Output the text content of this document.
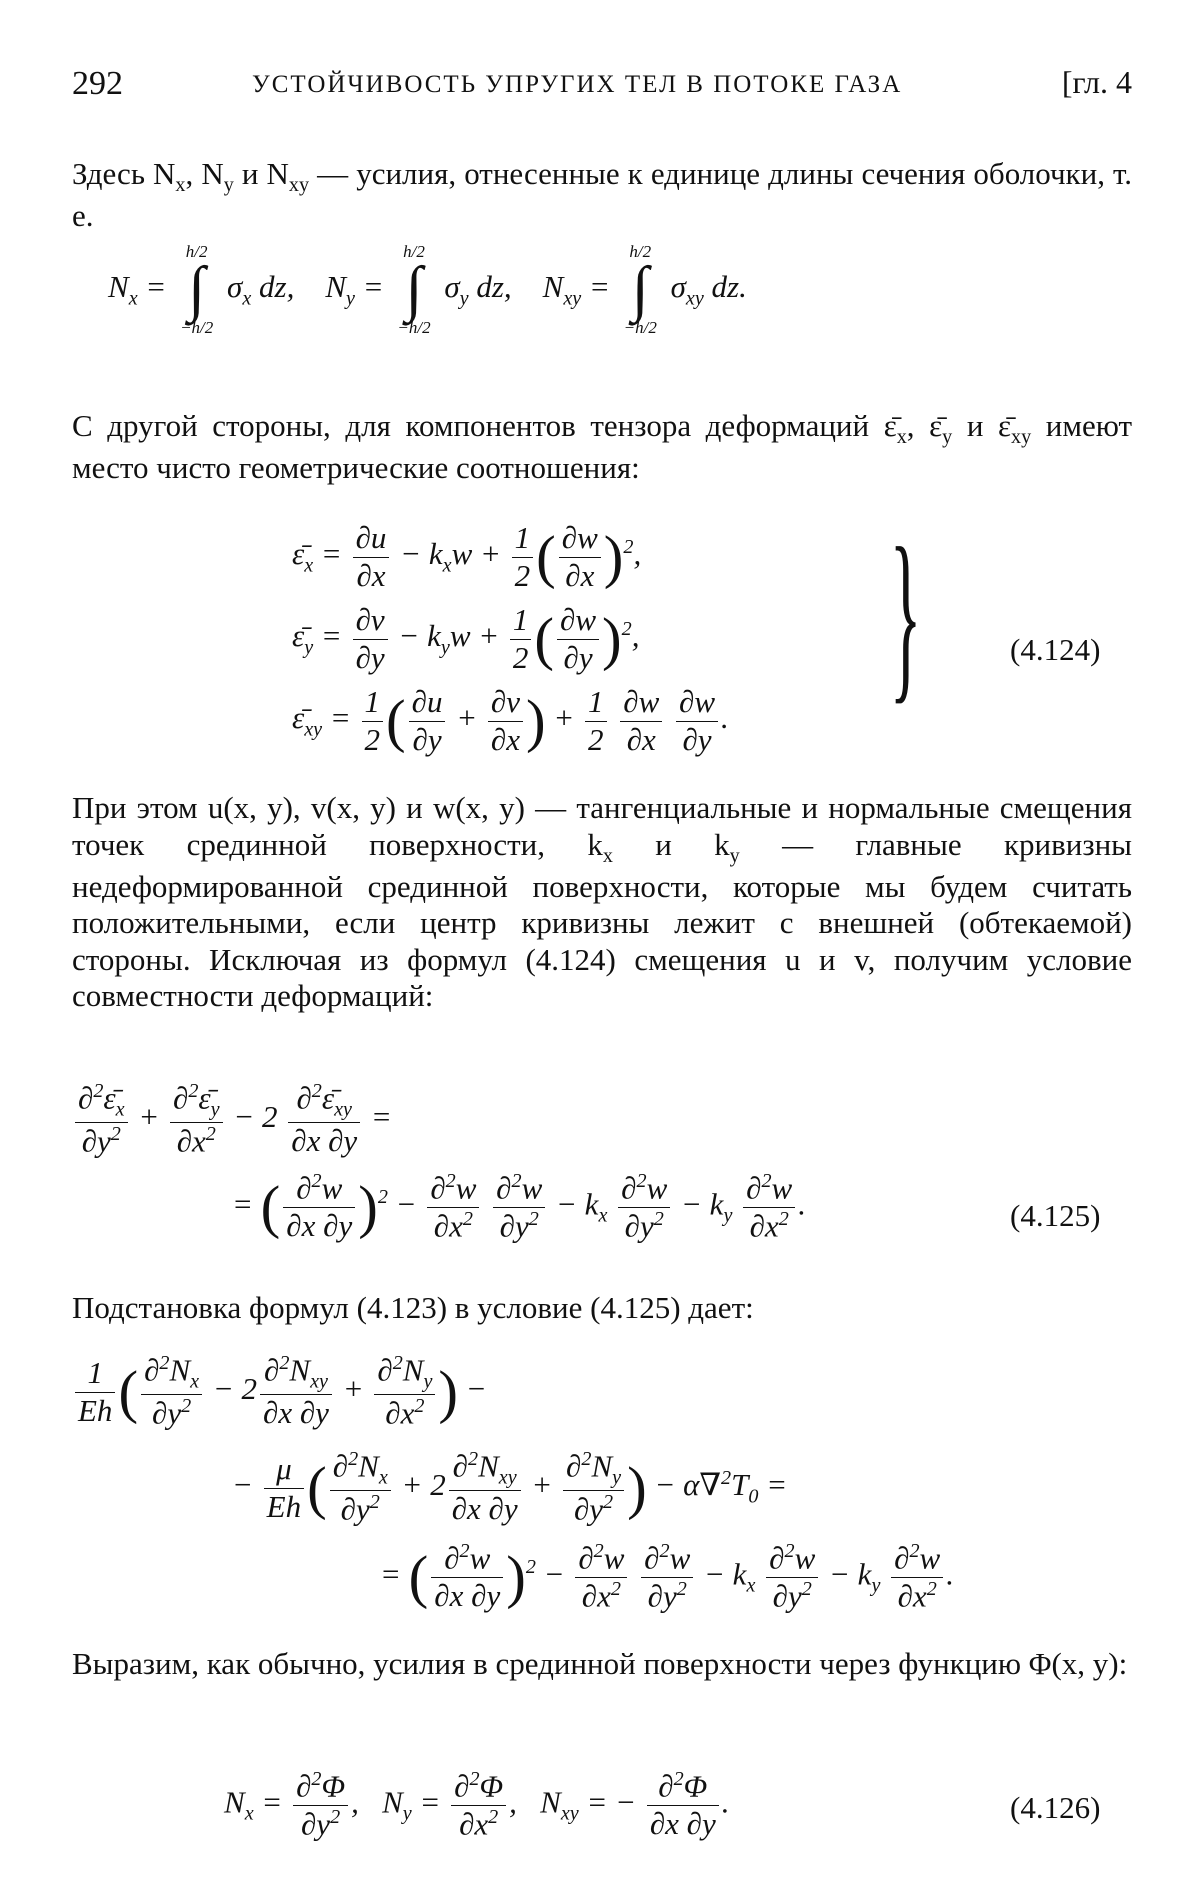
292	УСТОЙЧИВОСТЬ УПРУГИХ ТЕЛ В ПОТОКЕ ГАЗА	[гл. 4

Здесь $N_x$, $N_y$ и $N_{xy}$ — усилия, отнесенные к единице длины сечения оболочки, т. е.

$N_x$ =
h/2
∫
−h/2
$\sigma_x$ dz,    $N_y$ =
h/2
∫
−h/2
$\sigma_y$ dz,    $N_{xy}$ =
h/2
∫
−h/2
$\sigma_{xy}$ dz.

С другой стороны, для компонентов тензора деформаций $\varepsilon̄_x$, $\varepsilon̄_y$ и $\varepsilon̄_{xy}$ имеют место чисто геометрические соотношения:

$\varepsilon̄_x = \frac{\partial u}{\partial x} - k_xw + \frac{1}{2}$ ( $\frac{\partial w}{\partial x} )^2$,
$\varepsilon̄_y = \frac{\partial v}{\partial y} - k_yw + \frac{1}{2}$ ( $\frac{\partial w}{\partial y} )^2$,
$\varepsilon̄_{xy} = \frac{1}{2}$ ( $\frac{\partial u}{\partial y} + \frac{\partial v}{\partial x}$ ) + $\frac{1}{2}$
$\frac{\partial w}{\partial x}$
$\frac{\partial w}{\partial y}$ . }	(4.124)

При этом u(x, y), v(x, y) и w(x, y) — тангенциальные и нормальные смещения точек срединной поверхности, $k_x$ и $k_y$ — главные кривизны недеформированной срединной поверхности, которые мы будем считать положительными, если центр кривизны лежит с внешней (обтекаемой) стороны. Исключая из формул (4.124) смещения u и v, получим условие совместности деформаций:

$\frac{\partial^2\varepsilon̄_x}{\partial y^2} + \frac{\partial^2\varepsilon̄_y}{\partial x^2} - 2 \frac{\partial^2\varepsilon̄_{xy}}{\partial x \partial y}$ =
= ( $\frac{\partial^2w}{\partial x \partial y} )^2 - \frac{\partial^2w}{\partial x^2}$
$\frac{\partial^2w}{\partial y^2} - k_x \frac{\partial^2w}{\partial y^2} - k_y \frac{\partial^2w}{\partial x^2}$ .	(4.125)

Подстановка формул (4.123) в условие (4.125) дает:

$\frac{1}{Eh}$ ( $\frac{\partial^2N_x}{\partial y^2} - 2 \frac{\partial^2N_{xy}}{\partial x \partial y} + \frac{\partial^2N_y}{\partial x^2}$ ) −
− $\frac{\mu}{Eh}$ ( $\frac{\partial^2N_x}{\partial y^2} + 2 \frac{\partial^2N_{xy}}{\partial x \partial y} + \frac{\partial^2N_y}{\partial y^2}$ ) − $\alpha\nabla^2T_0$ =
= ( $\frac{\partial^2w}{\partial x \partial y} )^2 - \frac{\partial^2w}{\partial x^2}$
$\frac{\partial^2w}{\partial y^2} - k_x \frac{\partial^2w}{\partial y^2} - k_y \frac{\partial^2w}{\partial x^2}$ .

Выразим, как обычно, усилия в срединной поверхности через функцию Φ(x, y):

$N_x = \frac{\partial^2\Phi}{\partial y^2}$ ,   $N_y = \frac{\partial^2\Phi}{\partial x^2}$ ,   $N_{xy}$ = − $\frac{\partial^2\Phi}{\partial x \partial y}$ .	(4.126)
